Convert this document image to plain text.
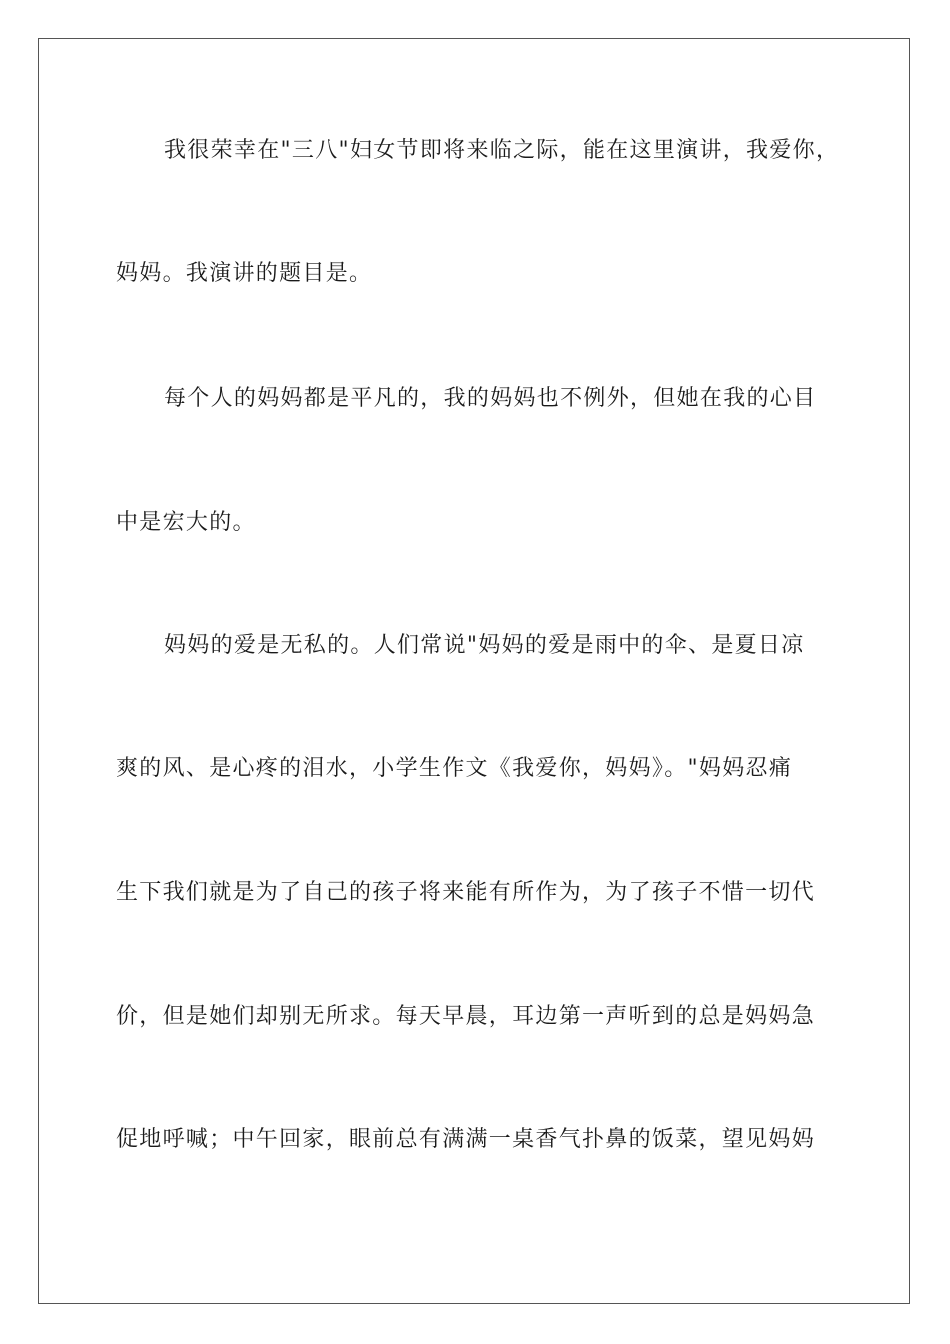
我很荣幸在"三八"妇女节即将来临之际，能在这里演讲，我爱你，
妈妈。我演讲的题目是。
每个人的妈妈都是平凡的，我的妈妈也不例外，但她在我的心目
中是宏大的。
妈妈的爱是无私的。人们常说"妈妈的爱是雨中的伞、是夏日凉
爽的风、是心疼的泪水，小学生作文《我爱你，妈妈》。"妈妈忍痛
生下我们就是为了自己的孩子将来能有所作为，为了孩子不惜一切代
价，但是她们却别无所求。每天早晨，耳边第一声听到的总是妈妈急
促地呼喊；中午回家，眼前总有满满一桌香气扑鼻的饭菜，望见妈妈
